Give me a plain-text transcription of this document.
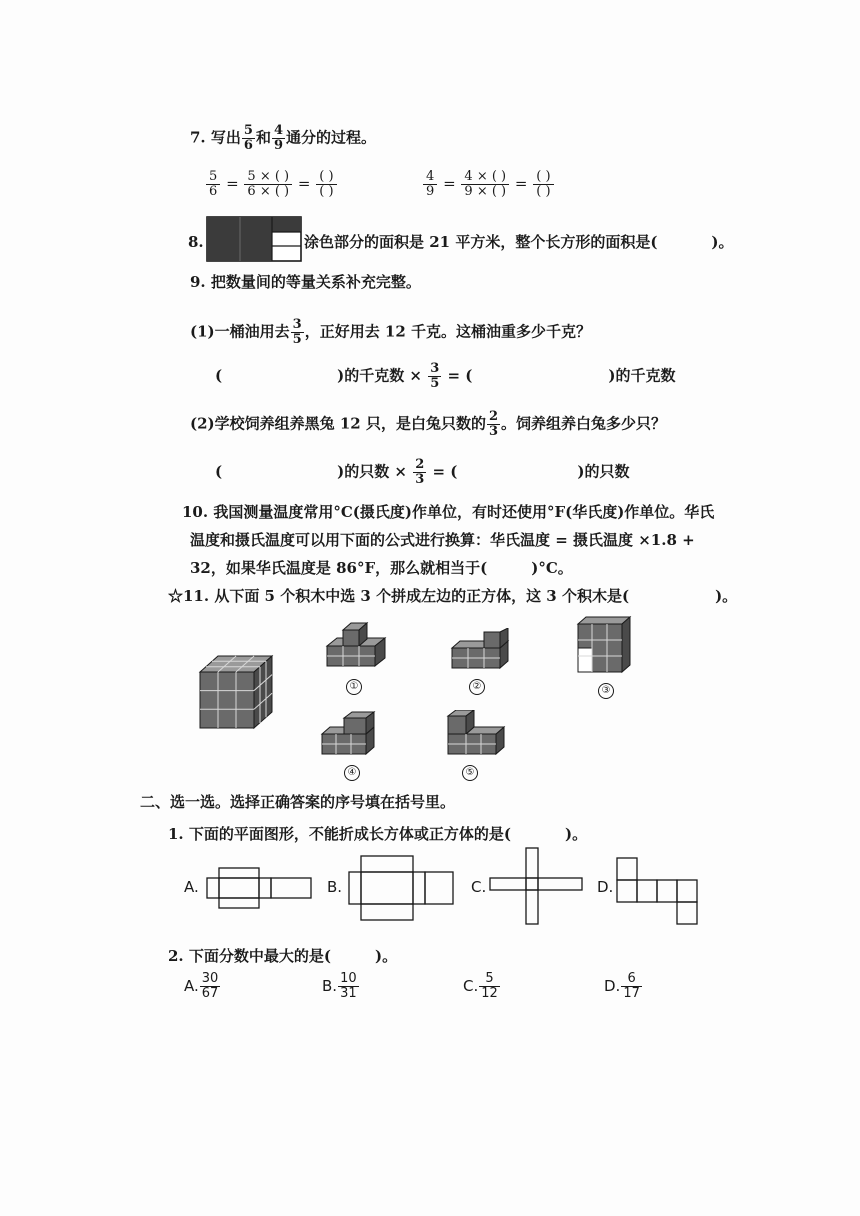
7. 写出 $\frac{5}{6}$ 和 $\frac{4}{9}$ 通分的过程。
$\frac{5}{6} = \frac{5 \times ( )}{6 \times ( )} = \frac{( )}{( )}$	$\frac{4}{9} = \frac{4 \times ( )}{9 \times ( )} = \frac{( )}{( )}$
8.	涂色部分的面积是 21 平方米，整个长方形的面积是(	)。
9. 把数量间的等量关系补充完整。
(1)一桶油用去 $\frac{3}{5}$ ，正好用去 12 千克。这桶油重多少千克？
(	)的千克数 × $\frac{3}{5}$ = (	)的千克数
(2)学校饲养组养黑兔 12 只，是白兔只数的 $\frac{2}{3}$ 。饲养组养白兔多少只？
(	)的只数 × $\frac{2}{3}$ = (	)的只数
10. 我国测量温度常用°C(摄氏度)作单位，有时还使用°F(华氏度)作单位。华氏
温度和摄氏温度可以用下面的公式进行换算：华氏温度 = 摄氏温度 ×1.8 +
32，如果华氏温度是 86°F，那么就相当于(	)°C。
☆11. 从下面 5 个积木中选 3 个拼成左边的正方体，这 3 个积木是(	)。
①	②	③
④	⑤
二、选一选。选择正确答案的序号填在括号里。
1. 下面的平面图形，不能折成长方体或正方体的是(	)。
A.	B.	C.	D.
2. 下面分数中最大的是(	)。
A. $\frac{30}{67}$	B. $\frac{10}{31}$	C. $\frac{5}{12}$	D. $\frac{6}{17}$
